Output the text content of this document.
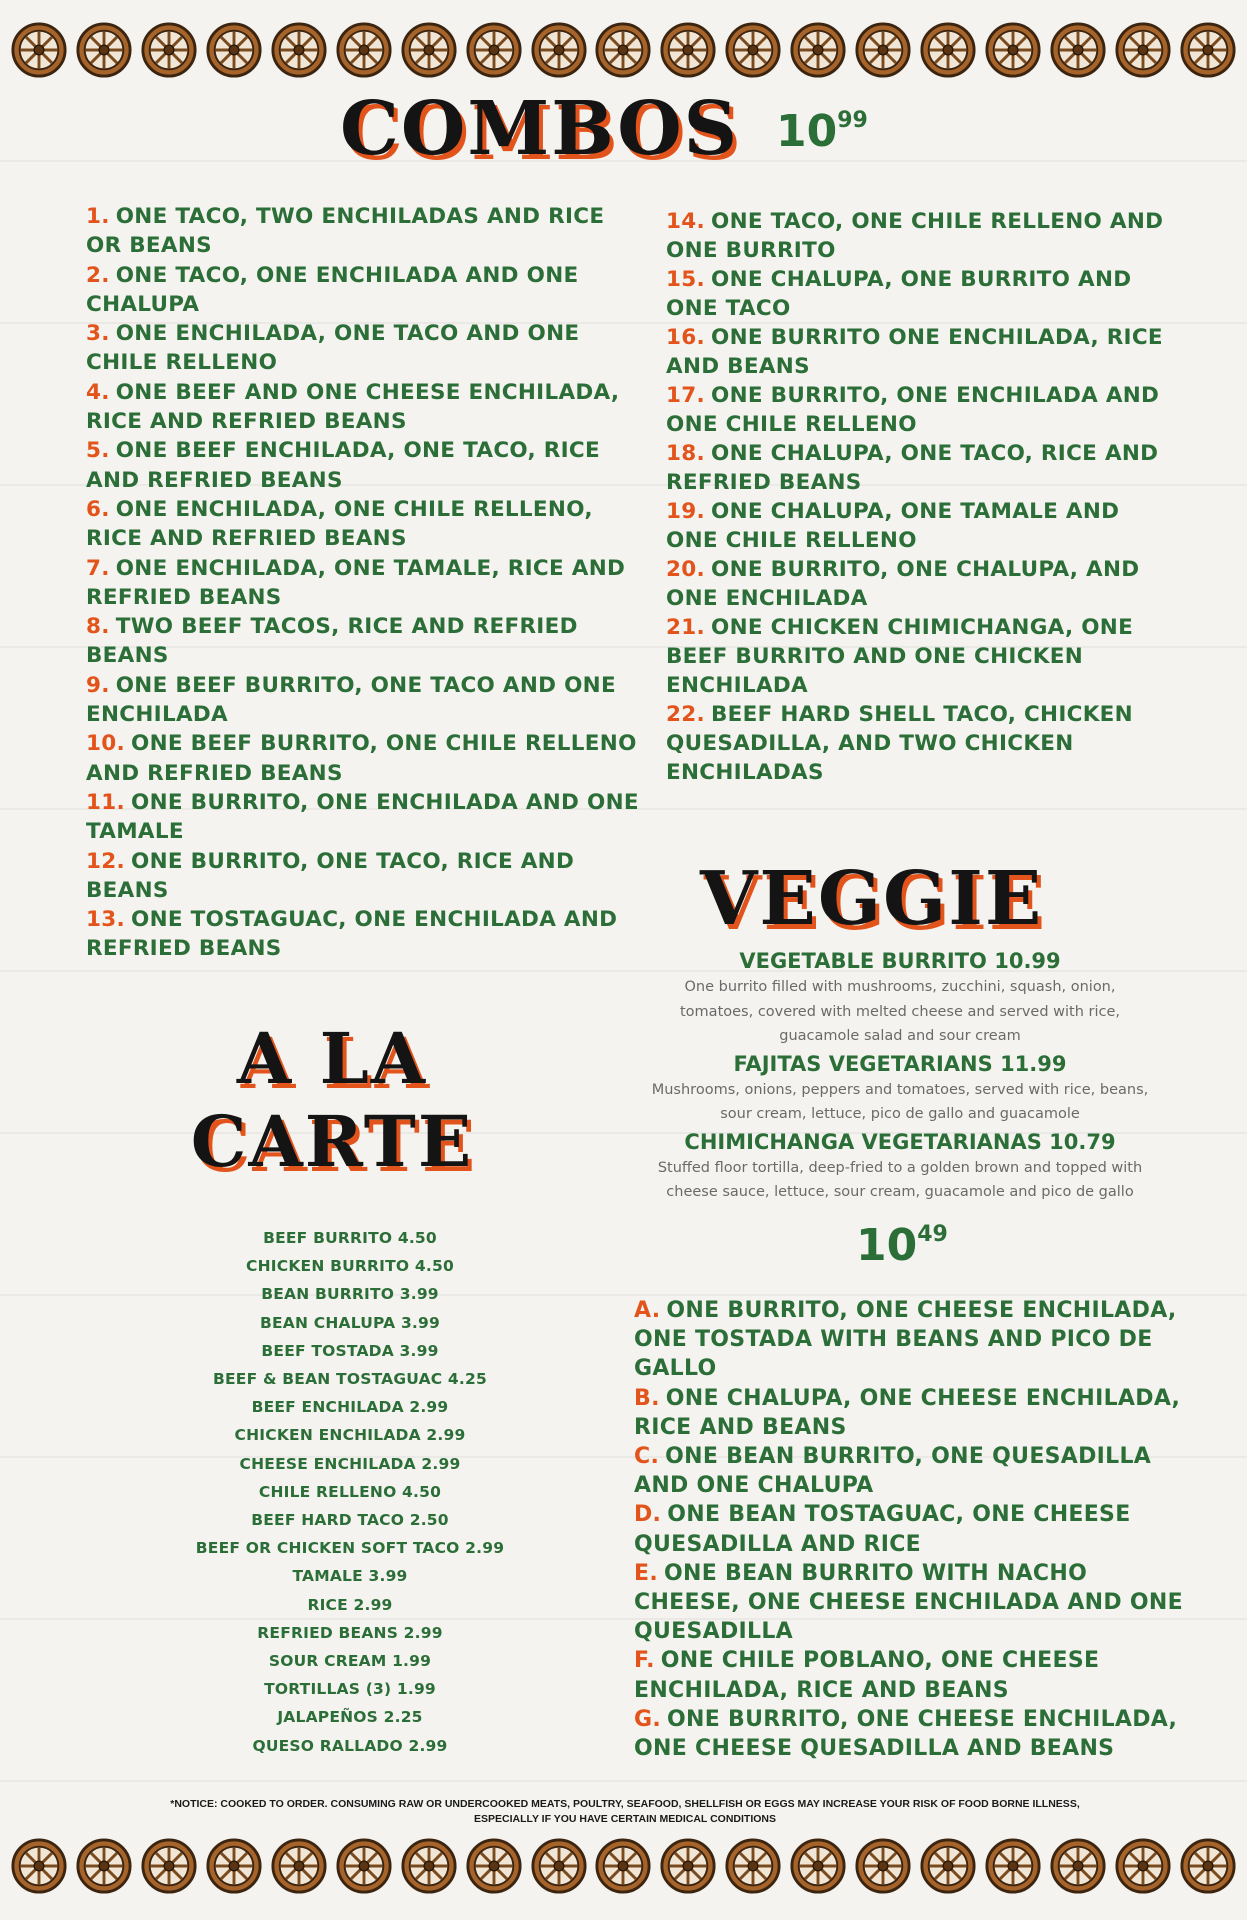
COMBOS $10^{99}$
1. ONE TACO, TWO ENCHILADAS AND RICE OR BEANS
2. ONE TACO, ONE ENCHILADA AND ONE CHALUPA
3. ONE ENCHILADA, ONE TACO AND ONE CHILE RELLENO
4. ONE BEEF AND ONE CHEESE ENCHILADA, RICE AND REFRIED BEANS
5. ONE BEEF ENCHILADA, ONE TACO, RICE AND REFRIED BEANS
6. ONE ENCHILADA, ONE CHILE RELLENO, RICE AND REFRIED BEANS
7. ONE ENCHILADA, ONE TAMALE, RICE AND REFRIED BEANS
8. TWO BEEF TACOS, RICE AND REFRIED BEANS
9. ONE BEEF BURRITO, ONE TACO AND ONE ENCHILADA
10. ONE BEEF BURRITO, ONE CHILE RELLENO AND REFRIED BEANS
11. ONE BURRITO, ONE ENCHILADA AND ONE TAMALE
12. ONE BURRITO, ONE TACO, RICE AND BEANS
13. ONE TOSTAGUAC, ONE ENCHILADA AND REFRIED BEANS
14. ONE TACO, ONE CHILE RELLENO AND ONE BURRITO
15. ONE CHALUPA, ONE BURRITO AND ONE TACO
16. ONE BURRITO ONE ENCHILADA, RICE AND BEANS
17. ONE BURRITO, ONE ENCHILADA AND ONE CHILE RELLENO
18. ONE CHALUPA, ONE TACO, RICE AND REFRIED BEANS
19. ONE CHALUPA, ONE TAMALE AND ONE CHILE RELLENO
20. ONE BURRITO, ONE CHALUPA, AND ONE ENCHILADA
21. ONE CHICKEN CHIMICHANGA, ONE BEEF BURRITO AND ONE CHICKEN ENCHILADA
22. BEEF HARD SHELL TACO, CHICKEN QUESADILLA, AND TWO CHICKEN ENCHILADAS
VEGGIE
VEGETABLE BURRITO 10.99
One burrito filled with mushrooms, zucchini, squash, onion, tomatoes, covered with melted cheese and served with rice, guacamole salad and sour cream
FAJITAS VEGETARIANS 11.99
Mushrooms, onions, peppers and tomatoes, served with rice, beans, sour cream, lettuce, pico de gallo and guacamole
CHIMICHANGA VEGETARIANAS 10.79
Stuffed floor tortilla, deep-fried to a golden brown and topped with cheese sauce, lettuce, sour cream, guacamole and pico de gallo
A LA
CARTE
BEEF BURRITO 4.50
CHICKEN BURRITO 4.50
BEAN BURRITO 3.99
BEAN CHALUPA 3.99
BEEF TOSTADA 3.99
BEEF & BEAN TOSTAGUAC 4.25
BEEF ENCHILADA 2.99
CHICKEN ENCHILADA 2.99
CHEESE ENCHILADA 2.99
CHILE RELLENO 4.50
BEEF HARD TACO 2.50
BEEF OR CHICKEN SOFT TACO 2.99
TAMALE 3.99
RICE 2.99
REFRIED BEANS 2.99
SOUR CREAM 1.99
TORTILLAS (3) 1.99
JALAPEÑOS 2.25
QUESO RALLADO 2.99
$10^{49}$
A. ONE BURRITO, ONE CHEESE ENCHILADA, ONE TOSTADA WITH BEANS AND PICO DE GALLO
B. ONE CHALUPA, ONE CHEESE ENCHILADA, RICE AND BEANS
C. ONE BEAN BURRITO, ONE QUESADILLA AND ONE CHALUPA
D. ONE BEAN TOSTAGUAC, ONE CHEESE QUESADILLA AND RICE
E. ONE BEAN BURRITO WITH NACHO CHEESE, ONE CHEESE ENCHILADA AND ONE QUESADILLA
F. ONE CHILE POBLANO, ONE CHEESE ENCHILADA, RICE AND BEANS
G. ONE BURRITO, ONE CHEESE ENCHILADA, ONE CHEESE QUESADILLA AND BEANS
*NOTICE: COOKED TO ORDER. CONSUMING RAW OR UNDERCOOKED MEATS, POULTRY, SEAFOOD, SHELLFISH OR EGGS MAY INCREASE YOUR RISK OF FOOD BORNE ILLNESS, ESPECIALLY IF YOU HAVE CERTAIN MEDICAL CONDITIONS
